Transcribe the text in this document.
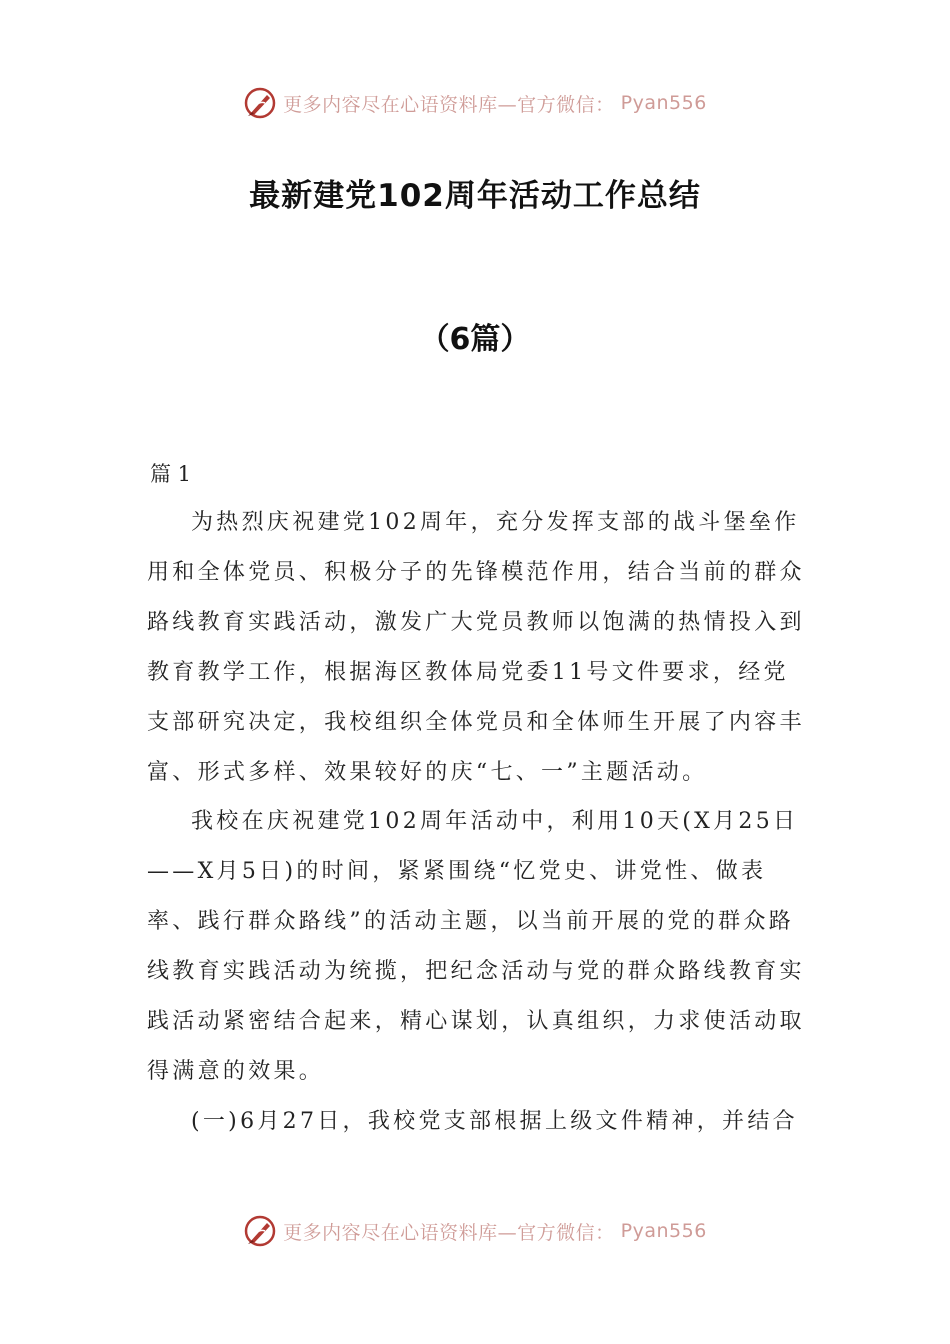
更多内容尽在心语资料库—官方微信： Pyan556
最新建党102周年活动工作总结
（6篇）
篇 1

为热烈庆祝建党102周年，充分发挥支部的战斗堡垒作用和全体党员、积极分子的先锋模范作用，结合当前的群众路线教育实践活动，激发广大党员教师以饱满的热情投入到教育教学工作，根据海区教体局党委11号文件要求，经党支部研究决定，我校组织全体党员和全体师生开展了内容丰富、形式多样、效果较好的庆“七、一”主题活动。

我校在庆祝建党102周年活动中，利用10天(X月25日——X月5日)的时间，紧紧围绕“忆党史、讲党性、做表率、践行群众路线”的活动主题，以当前开展的党的群众路线教育实践活动为统揽，把纪念活动与党的群众路线教育实践活动紧密结合起来，精心谋划，认真组织，力求使活动取得满意的效果。

(一)6月27日，我校党支部根据上级文件精神，并结合

更多内容尽在心语资料库—官方微信： Pyan556
